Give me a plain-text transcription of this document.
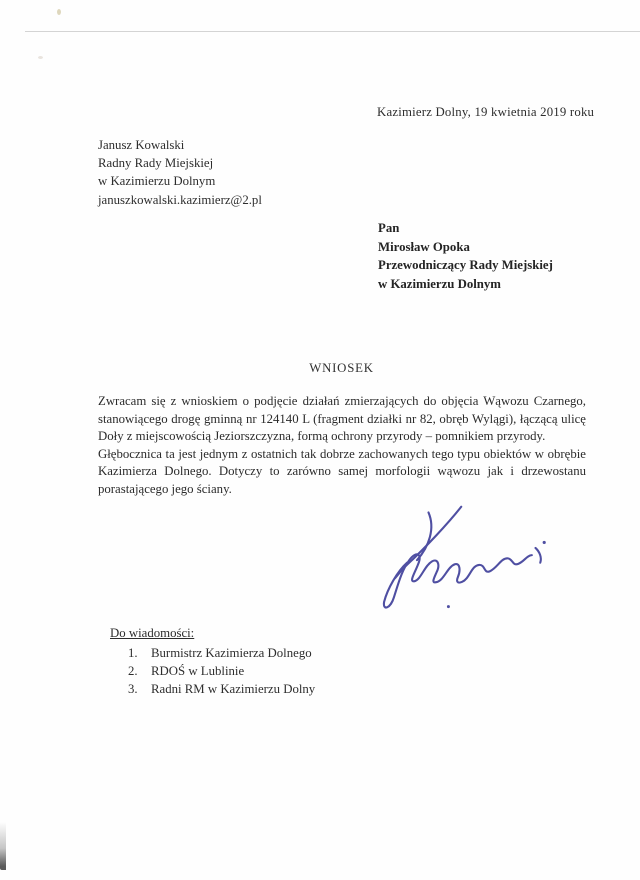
Kazimierz Dolny, 19 kwietnia 2019 roku
Janusz Kowalski
Radny Rady Miejskiej
w Kazimierzu Dolnym
januszkowalski.kazimierz@2.pl
Pan
Mirosław Opoka
Przewodniczący Rady Miejskiej
w Kazimierzu Dolnym
WNIOSEK
Zwracam się z wnioskiem o podjęcie działań zmierzających do objęcia Wąwozu Czarnego,
stanowiącego drogę gminną nr 124140 L (fragment działki nr 82, obręb Wylągi), łączącą ulicę
Doły z miejscowością Jeziorszczyzna, formą ochrony przyrody – pomnikiem przyrody.
Głębocznica ta jest jednym z ostatnich tak dobrze zachowanych tego typu obiektów w obrębie
Kazimierza Dolnego. Dotyczy to zarówno samej morfologii wąwozu jak i drzewostanu
porastającego jego ściany.
Do wiadomości:
1.	Burmistrz Kazimierza Dolnego
2.	RDOŚ w Lublinie
3.	Radni RM w Kazimierzu Dolny
